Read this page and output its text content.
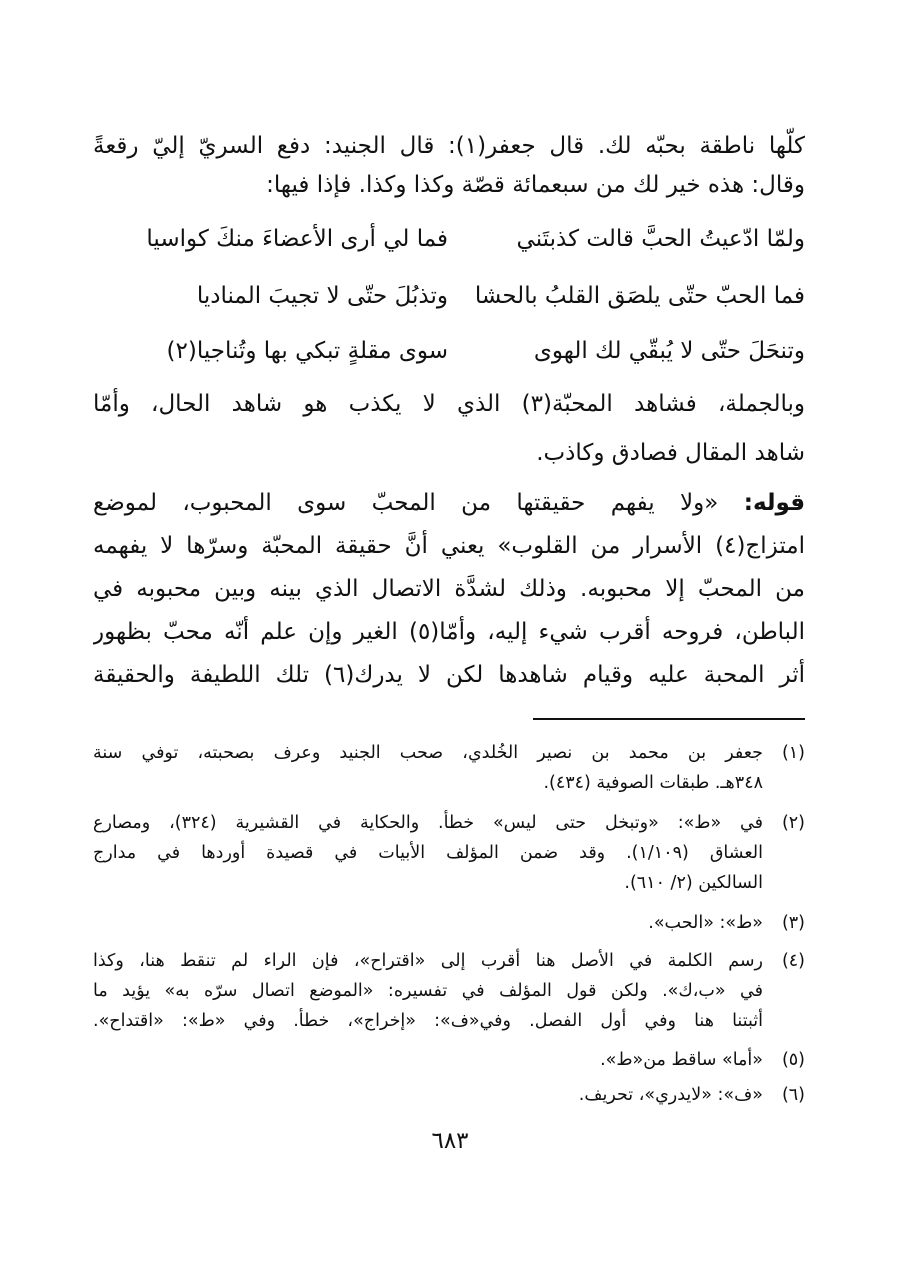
كلّها ناطقة بحبّه لك. قال جعفر(١): قال الجنيد: دفع السريّ إليّ رقعةً
وقال: هذه خير لك من سبعمائة قصّة وكذا وكذا. فإذا فيها:
ولمّا ادّعيتُ الحبَّ قالت كذبتَني
فما لي أرى الأعضاءَ منكَ كواسيا
فما الحبّ حتّى يلصَق القلبُ بالحشا
وتذبُلَ حتّى لا تجيبَ المناديا
وتنحَلَ حتّى لا يُبقّي لك الهوى
سوى مقلةٍ تبكي بها وتُناجيا(٢)
وبالجملة، فشاهد المحبّة(٣) الذي لا يكذب هو شاهد الحال، وأمّا
شاهد المقال فصادق وكاذب.
قوله: «ولا يفهم حقيقتها من المحبّ سوى المحبوب، لموضع
امتزاج(٤) الأسرار من القلوب» يعني أنَّ حقيقة المحبّة وسرّها لا يفهمه
من المحبّ إلا محبوبه. وذلك لشدَّة الاتصال الذي بينه وبين محبوبه في
الباطن، فروحه أقرب شيء إليه، وأمّا(٥) الغير وإن علم أنّه محبّ بظهور
أثر المحبة عليه وقيام شاهدها لكن لا يدرك(٦) تلك اللطيفة والحقيقة
(١)
جعفر بن محمد بن نصير الخُلدي، صحب الجنيد وعرف بصحبته، توفي سنة
٣٤٨هـ. طبقات الصوفية (٤٣٤).
(٢)
في «ط»: «وتبخل حتى ليس» خطأ. والحكاية في القشيرية (٣٢٤)، ومصارع
العشاق (١/١٠٩). وقد ضمن المؤلف الأبيات في قصيدة أوردها في مدارج
السالكين (٢/ ٦١٠).
(٣)
«ط»: «الحب».
(٤)
رسم الكلمة في الأصل هنا أقرب إلى «اقتراح»، فإن الراء لم تنقط هنا، وكذا
في «ب،ك». ولكن قول المؤلف في تفسيره: «الموضع اتصال سرّه به» يؤيد ما
أثبتنا هنا وفي أول الفصل. وفي«ف»: «إخراج»، خطأ. وفي «ط»: «اقتداح».
(٥)
«أما» ساقط من«ط».
(٦)
«ف»: «لايدري»، تحريف.
٦٨٣
